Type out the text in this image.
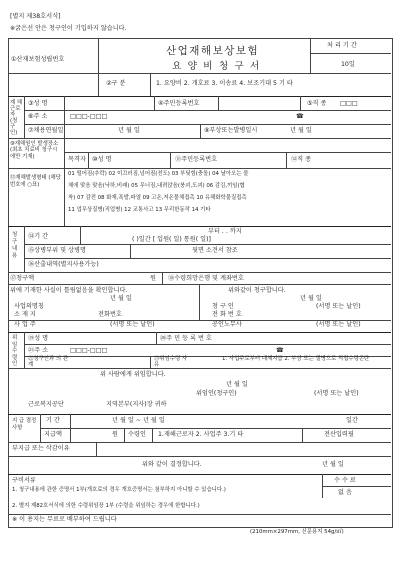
[별지 제38호서식]
※굵은선 안은 청구인이 기입하지 않습니다.
①산재보험성립번호
산업재해보상보험
요 양 비 청 구 서
처 리 기 간
10일
②구 분	1. 요양비 2. 개호료 3. 이송료 4. 보조기대 5 기 타
재 해 근로자 (청 구 인)
③성 명	④주민등록번호	⑤직 종 □□□
⑥주 소	□□□-□□□	☎
⑦채용연월일	년 월 일	⑧부상또는발병일시	년 월 일
⑨재해원인 발생장소(최초 치료비 청구시에만 기재)	목격자 ⑩성 명	⑪주민등록번호	⑫직 종
⑬재해발생형태 (해당번호에 ○표)
01 떨어짐(추락) 02 미끄러짐,넘어짐(전도) 03 부딪힘(충돌) 04 날아오는 물
체에 맞음 맞음(낙하,비래) 05 무너짐,내려앉음(붕괴,도괴) 06 감김,끼임(협
착) 07 감전 08 화재,폭발,파열 09 고온,저온물체접촉 10 유해화학물질접촉
11 업무상질병(직업병) 12 교통사고 13 무리한동작 14 기타
청 구 내 용
⑭기 간
부터 . . 까지
( )일간 [ 입원( 일) 통원( 일)]
⑮상병부위 및 상병명	뒷면 소견서 참조
⑯산출내역(별지사용가능)
⑰청구액	원 ⑱수령희망은행 및 계좌번호
위에 기재한 사실이 틀림없음을 확인합니다.	위와같이 청구합니다.
년 월 일	년 월 일
사업의명칭
소 재 지	전화번호
청 구 인	(서명 또는 날인)
전 화 번 호
사 업 주	(서명 또는 날인)	공인노무사	(서명 또는 날인)
위 임 수 령 인
⑲성 명	⑳주 민 등 록 번 호
㉑주 소	□□□-□□□	☎
㉒청구인과 의 관계
㉓위임수령 사 유
1. 사업주로부터 대체지급 2. 부상 또는 질병으로 직접수령곤란
위 사람에게 위임합니다.
년 월 일
위임인(청구인)	(서명 또는 날인)
근로복지공단	지역본부(지사)장 귀하
지 급 결정사항
기 간	년 월 일 ~ 년 월 일	일간
지급액	원 수령인 1.재해근로자 2. 사업주 3.기 타	전산입력필
부지급 또는 삭감이유
위와 같이 결정합니다.	년 월 일
구비서류
1. 청구내용에 관한 증명서 1부(개호료의 경우 개호증명서는 첨부하지 아니할 수 있습니다.)
2. 별지 제82호서식에 의한 수령위임장 1부 (수령을 위임하는 경우에 한합니다.)
수 수 료
없 음
※ 이 용지는 무료로 배부하여 드립니다
(210mm×297mm, 신문용지 54g/㎡)
